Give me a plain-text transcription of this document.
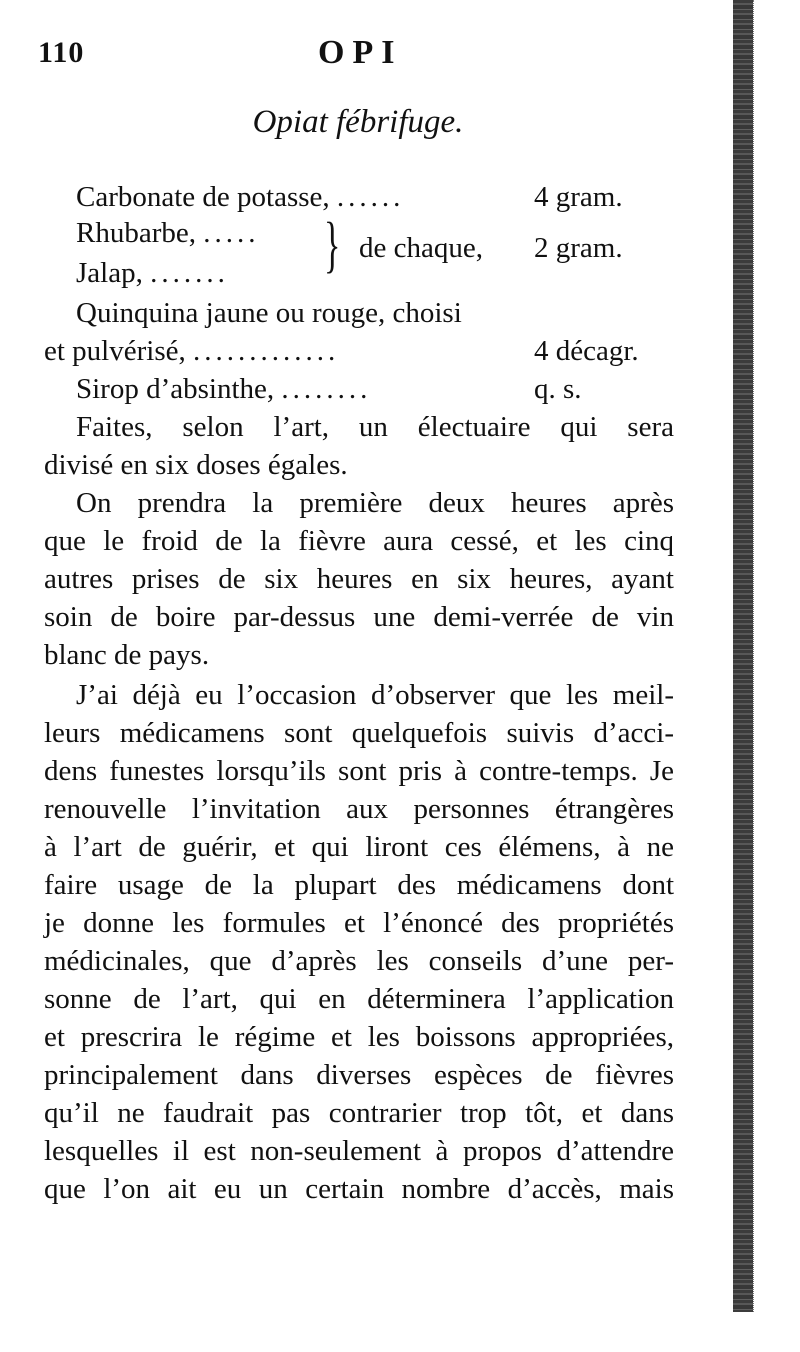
110	OPI
Opiat fébrifuge.
Carbonate de potasse, ......	4 gram.
Rhubarbe, .....
Jalap, ....... } de chaque, 2 gram.
Quinquina jaune ou rouge, choisi
et pulvérisé, .............	4 décagr.
Sirop d’absinthe, ........	q. s.
Faites, selon l’art, un électuaire qui sera
divisé en six doses égales.
On prendra la première deux heures après
que le froid de la fièvre aura cessé, et les cinq
autres prises de six heures en six heures, ayant
soin de boire par-dessus une demi-verrée de vin
blanc de pays.
J’ai déjà eu l’occasion d’observer que les meil-
leurs médicamens sont quelquefois suivis d’acci-
dens funestes lorsqu’ils sont pris à contre-temps. Je
renouvelle l’invitation aux personnes étrangères
à l’art de guérir, et qui liront ces élémens, à ne
faire usage de la plupart des médicamens dont
je donne les formules et l’énoncé des propriétés
médicinales, que d’après les conseils d’une per-
sonne de l’art, qui en déterminera l’application
et prescrira le régime et les boissons appropriées,
principalement dans diverses espèces de fièvres
qu’il ne faudrait pas contrarier trop tôt, et dans
lesquelles il est non-seulement à propos d’attendre
que l’on ait eu un certain nombre d’accès, mais
